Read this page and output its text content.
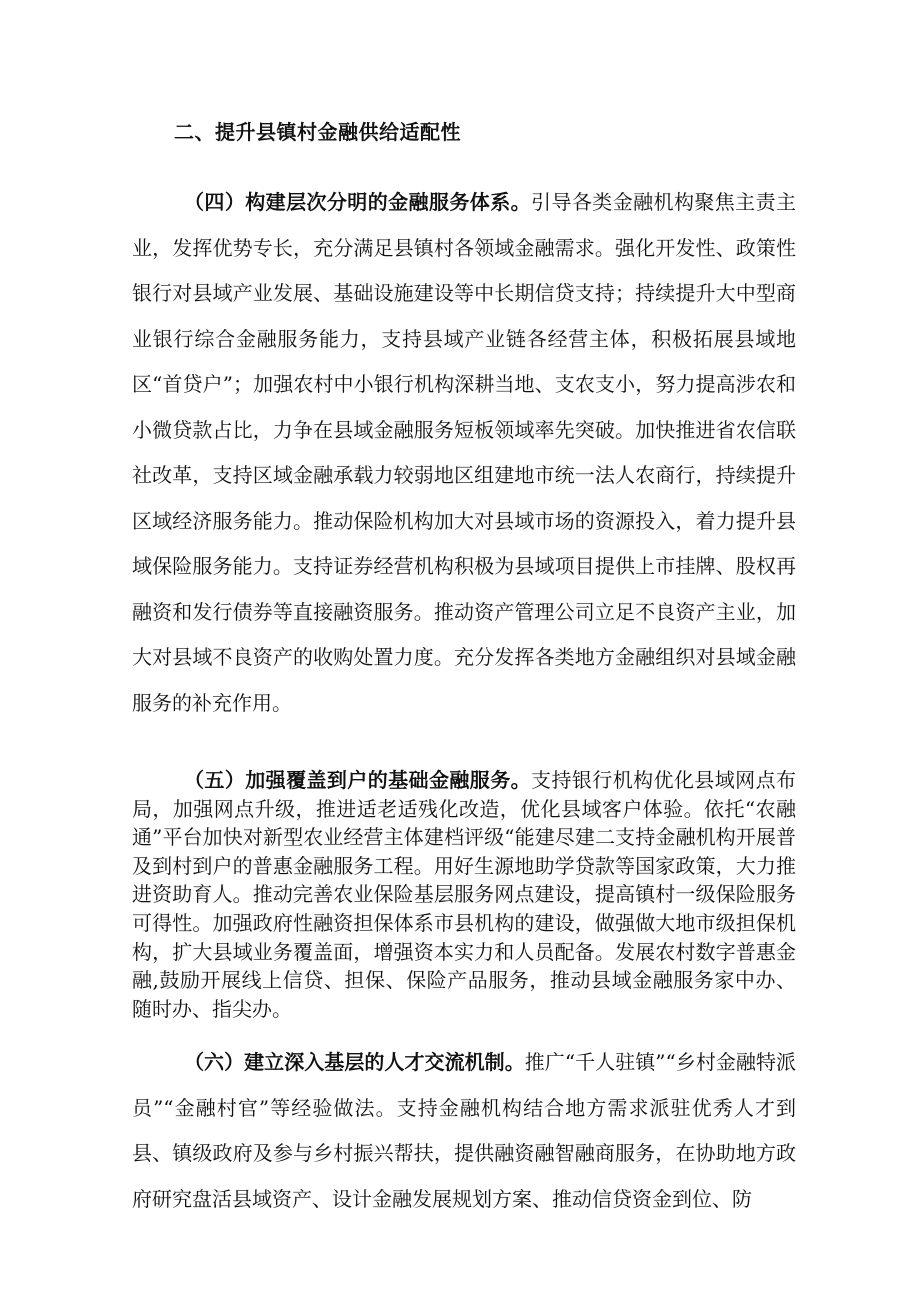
二、提升县镇村金融供给适配性

（四）构建层次分明的金融服务体系。引导各类金融机构聚焦主责主业，发挥优势专长，充分满足县镇村各领域金融需求。强化开发性、政策性银行对县域产业发展、基础设施建设等中长期信贷支持；持续提升大中型商业银行综合金融服务能力，支持县域产业链各经营主体，积极拓展县域地区“首贷户”；加强农村中小银行机构深耕当地、支农支小，努力提高涉农和小微贷款占比，力争在县域金融服务短板领域率先突破。加快推进省农信联社改革，支持区域金融承载力较弱地区组建地市统一法人农商行，持续提升区域经济服务能力。推动保险机构加大对县域市场的资源投入，着力提升县域保险服务能力。支持证券经营机构积极为县域项目提供上市挂牌、股权再融资和发行债券等直接融资服务。推动资产管理公司立足不良资产主业，加大对县域不良资产的收购处置力度。充分发挥各类地方金融组织对县域金融服务的补充作用。

（五）加强覆盖到户的基础金融服务。支持银行机构优化县域网点布局，加强网点升级，推进适老适残化改造，优化县域客户体验。依托“农融通”平台加快对新型农业经营主体建档评级“能建尽建二支持金融机构开展普及到村到户的普惠金融服务工程。用好生源地助学贷款等国家政策，大力推进资助育人。推动完善农业保险基层服务网点建设，提高镇村一级保险服务可得性。加强政府性融资担保体系市县机构的建设，做强做大地市级担保机构，扩大县域业务覆盖面，增强资本实力和人员配备。发展农村数字普惠金融,鼓励开展线上信贷、担保、保险产品服务，推动县域金融服务家中办、随时办、指尖办。

（六）建立深入基层的人才交流机制。推广“千人驻镇”“乡村金融特派员”“金融村官”等经验做法。支持金融机构结合地方需求派驻优秀人才到县、镇级政府及参与乡村振兴帮扶，提供融资融智融商服务，在协助地方政府研究盘活县域资产、设计金融发展规划方案、推动信贷资金到位、防
